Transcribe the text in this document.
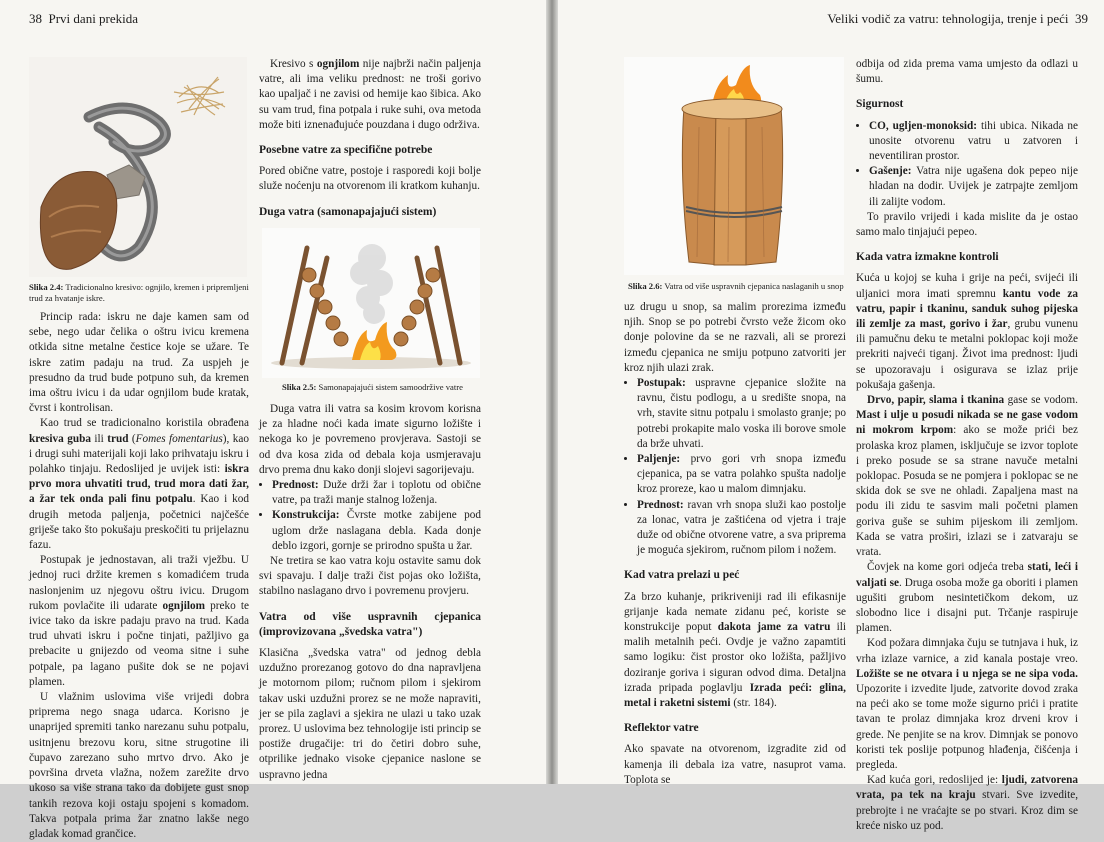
38 Prvi dani prekida
Slika 2.4: Tradicionalno kresivo: ognjilo, kremen i pripremljeni trud za hvatanje iskre.

Princip rada: iskru ne daje kamen sam od sebe, nego udar čelika o oštru ivicu kremena otkida sitne metalne čestice koje se užare. Te iskre zatim padaju na trud. Za uspjeh je presudno da trud bude potpuno suh, da kremen ima oštru ivicu i da udar ognjilom bude kratak, čvrst i kontrolisan.

Kao trud se tradicionalno koristila obrađena kresiva guba ili trud (Fomes fomentarius), kao i drugi suhi materijali koji lako prihvataju iskru i polahko tinjaju. Redoslijed je uvijek isti: iskra prvo mora uhvatiti trud, trud mora dati žar, a žar tek onda pali finu potpalu. Kao i kod drugih metoda paljenja, početnici najčešće griješe tako što pokušaju preskočiti tu prijelaznu fazu.

Postupak je jednostavan, ali traži vježbu. U jednoj ruci držite kremen s komadićem truda naslonjenim uz njegovu oštru ivicu. Drugom rukom povlačite ili udarate ognjilom preko te ivice tako da iskre padaju pravo na trud. Kada trud uhvati iskru i počne tinjati, pažljivo ga prebacite u gnijezdo od veoma sitne i suhe potpale, pa lagano pušite dok se ne pojavi plamen.

U vlažnim uslovima više vrijedi dobra priprema nego snaga udarca. Korisno je unaprijed spremiti tanko narezanu suhu potpalu, usitnjenu brezovu koru, sitne strugotine ili čupavo zarezano suho mrtvo drvo. Ako je površina drveta vlažna, nožem zarežite drvo ukoso sa više strana tako da dobijete gust snop tankih rezova koji ostaju spojeni s komadom. Takva potpala prima žar znatno lakše nego gladak komad grančice.

Kresivo s ognjilom nije najbrži način paljenja vatre, ali ima veliku prednost: ne troši gorivo kao upaljač i ne zavisi od hemije kao šibica. Ako su vam trud, fina potpala i ruke suhi, ova metoda može biti iznenađujuće pouzdana i dugo održiva.

Posebne vatre za specifične potrebe

Pored obične vatre, postoje i rasporedi koji bolje služe noćenju na otvorenom ili kratkom kuhanju.

Duga vatra (samonapajajući sistem)
Slika 2.5: Samonapajajući sistem samoodrživе vatre

Duga vatra ili vatra sa kosim krovom korisna je za hladne noći kada imate sigurno ložište i nekoga ko je povremeno provjerava. Sastoji se od dva kosa zida od debala koja usmjeravaju drvo prema dnu kako donji slojevi sagorijevaju.

• Prednost: Duže drži žar i toplotu od obične vatre, pa traži manje stalnog loženja.
• Konstrukcija: Čvrste motke zabijene pod uglom drže naslagana debla. Kada donje deblo izgori, gornje se prirodno spušta u žar.

Ne tretira se kao vatra koju ostavite samu dok svi spavaju. I dalje traži čist pojas oko ložišta, stabilno naslagano drvo i povremenu provjeru.

Vatra od više uspravnih cjepanica (improvizovana „švedska vatra")

Klasična „švedska vatra" od jednog debla uzdužno prorezanog gotovo do dna napravljena je motornom pilom; ručnom pilom i sjekirom takav uski uzdužni prorez se ne može napraviti, jer se pila zaglavi a sjekira ne ulazi u tako uzak prorez. U uslovima bez tehnologije isti princip se postiže drugačije: tri do četiri dobro suhe, otprilike jednako visoke cjepanice naslone se uspravno jedna

Veliki vodič za vatru: tehnologija, trenje i peći 39
Slika 2.6: Vatra od više uspravnih cjepanica naslaganih u snop

uz drugu u snop, sa malim prorezima između njih. Snop se po potrebi čvrsto veže žicom oko donje polovine da se ne razvali, ali se prorezi između cjepanica ne smiju potpuno zatvoriti jer kroz njih ulazi zrak.

• Postupak: uspravne cjepanice složite na ravnu, čistu podlogu, a u središte snopa, na vrh, stavite sitnu potpalu i smolasto granje; po potrebi prokapite malo voska ili borove smole da brže uhvati.
• Paljenje: prvo gori vrh snopa između cjepanica, pa se vatra polahko spušta nadolje kroz proreze, kao u malom dimnjaku.
• Prednost: ravan vrh snopa služi kao postolje za lonac, vatra je zaštićena od vjetra i traje duže od obične otvorene vatre, a sva priprema je moguća sjekirom, ručnom pilom i nožem.
Kad vatra prelazi u peć

Za brzo kuhanje, prikriveniji rad ili efikasnije grijanje kada nemate zidanu peć, koriste se konstrukcije poput dakota jame za vatru ili malih metalnih peći. Ovdje je važno zapamtiti samo logiku: čist prostor oko ložišta, pažljivo doziranje goriva i siguran odvod dima. Detaljna izrada pripada poglavlju Izrada peći: glina, metal i raketni sistemi (str. 184).

Reflektor vatre

Ako spavate na otvorenom, izgradite zid od kamenja ili debala iza vatre, nasuprot vama. Toplota se

odbija od zida prema vama umjesto da odlazi u šumu.

Sigurnost
• CO, ugljen-monoksid: tihi ubica. Nikada ne unosite otvorenu vatru u zatvoren i neventiliran prostor.
• Gašenje: Vatra nije ugašena dok pepeo nije hladan na dodir. Uvijek je zatrpajte zemljom ili zalijte vodom.

To pravilo vrijedi i kada mislite da je ostao samo malo tinjajući pepeo.

Kada vatra izmakne kontroli

Kuća u kojoj se kuha i grije na peći, svijeći ili uljanici mora imati spremnu kantu vode za vatru, papir i tkaninu, sanduk suhog pijeska ili zemlje za mast, gorivo i žar, grubu vunenu ili pamučnu deku te metalni poklopac koji može prekriti najveći tiganj. Život ima prednost: ljudi se upozoravaju i osiguravа se izlaz prije pokušaja gašenja.

Drvo, papir, slama i tkanina gase se vodom. Mast i ulje u posudi nikada se ne gase vodom ni mokrom krpom: ako se može prići bez prolaska kroz plamen, isključuje se izvor toplote i preko posude se sa strane navuče metalni poklopac. Posuda se ne pomjera i poklopac se ne skida dok se sve ne ohladi. Zapaljena mast na podu ili zidu te sasvim mali početni plamen goriva guše se suhim pijeskom ili zemljom. Kada se vatra proširi, izlazi se i zatvaraju se vrata.

Čovjek na kome gori odjeća treba stati, leći i valjati se. Druga osoba može ga oboriti i plamen ugušiti grubom nesintetičkom dekom, uz slobodno lice i disajni put. Trčanje raspiruje plamen.

Kod požara dimnjaka čuju se tutnjava i huk, iz vrha izlaze varnice, a zid kanala postaje vreo. Ložište se ne otvara i u njega se ne sipa voda. Upozorite i izvedite ljude, zatvorite dovod zraka na peći ako se tome može sigurno prići i pratite tavan te prolaz dimnjaka kroz drveni krov i grede. Ne penjite se na krov. Dimnjak se ponovo koristi tek poslije potpunog hlađenja, čišćenja i pregleda.

Kad kuća gori, redoslijed je: ljudi, zatvorena vrata, pa tek na kraju stvari. Sve izvedite, prebrojte i ne vraćajte se po stvari. Kroz dim se kreće nisko uz pod.
